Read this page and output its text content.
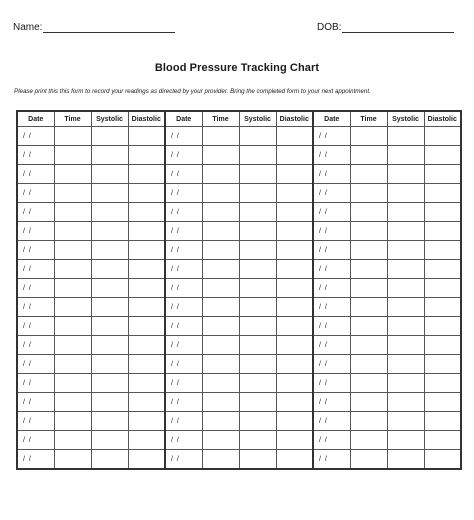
Name:	DOB:
Blood Pressure Tracking Chart
Please print this this form to record your readings as directed by your provider. Bring the completed form to your next appointment.
Date	Time	Systolic	Diastolic	Date	Time	Systolic	Diastolic	Date	Time	Systolic	Diastolic
/ /				/ /				/ /			
/ /				/ /				/ /			
/ /				/ /				/ /			
/ /				/ /				/ /			
/ /				/ /				/ /			
/ /				/ /				/ /			
/ /				/ /				/ /			
/ /				/ /				/ /			
/ /				/ /				/ /			
/ /				/ /				/ /			
/ /				/ /				/ /			
/ /				/ /				/ /			
/ /				/ /				/ /			
/ /				/ /				/ /			
/ /				/ /				/ /			
/ /				/ /				/ /			
/ /				/ /				/ /			
/ /				/ /				/ /			
